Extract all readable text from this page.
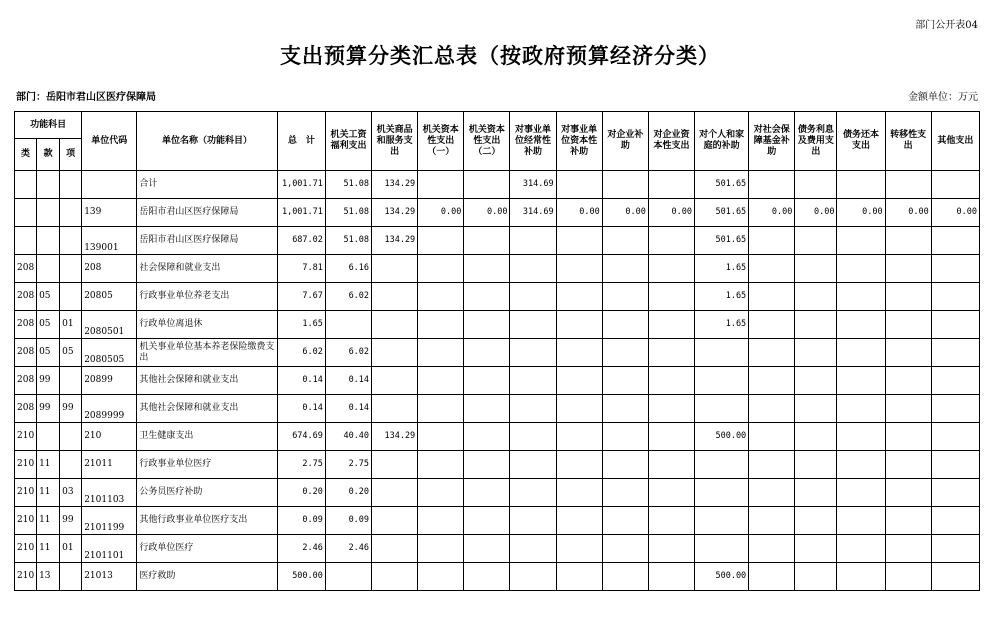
部门公开表04
支出预算分类汇总表（按政府预算经济分类）
部门：岳阳市君山区医疗保障局	金额单位：万元
功能科目			单位代码	单位名称（功能科目）	总　计	机关工资福利支出	机关商品和服务支出	机关资本性支出（一）	机关资本性支出（二）	对事业单位经常性补助	对事业单位资本性补助	对企业补助	对企业资本性支出	对个人和家庭的补助	对社会保障基金补助	债务利息及费用支出	债务还本支出	转移性支出	其他支出
类	款	项																	
				合计	1,001.71	51.08	134.29			314.69				501.65					
			139	岳阳市君山区医疗保障局	1,001.71	51.08	134.29	0.00	0.00	314.69	0.00	0.00	0.00	501.65	0.00	0.00	0.00	0.00	0.00
			139001	岳阳市君山区医疗保障局	687.02	51.08	134.29							501.65					
208			208	社会保障和就业支出	7.81	6.16								1.65					
208	05		20805	行政事业单位养老支出	7.67	6.02								1.65					
208	05	01	2080501	行政单位离退休	1.65									1.65					
208	05	05	2080505	机关事业单位基本养老保险缴费支出	6.02	6.02													
208	99		20899	其他社会保障和就业支出	0.14	0.14													
208	99	99	2089999	其他社会保障和就业支出	0.14	0.14													
210			210	卫生健康支出	674.69	40.40	134.29							500.00					
210	11		21011	行政事业单位医疗	2.75	2.75													
210	11	03	2101103	公务员医疗补助	0.20	0.20													
210	11	99	2101199	其他行政事业单位医疗支出	0.09	0.09													
210	11	01	2101101	行政单位医疗	2.46	2.46													
210	13		21013	医疗救助	500.00									500.00					
